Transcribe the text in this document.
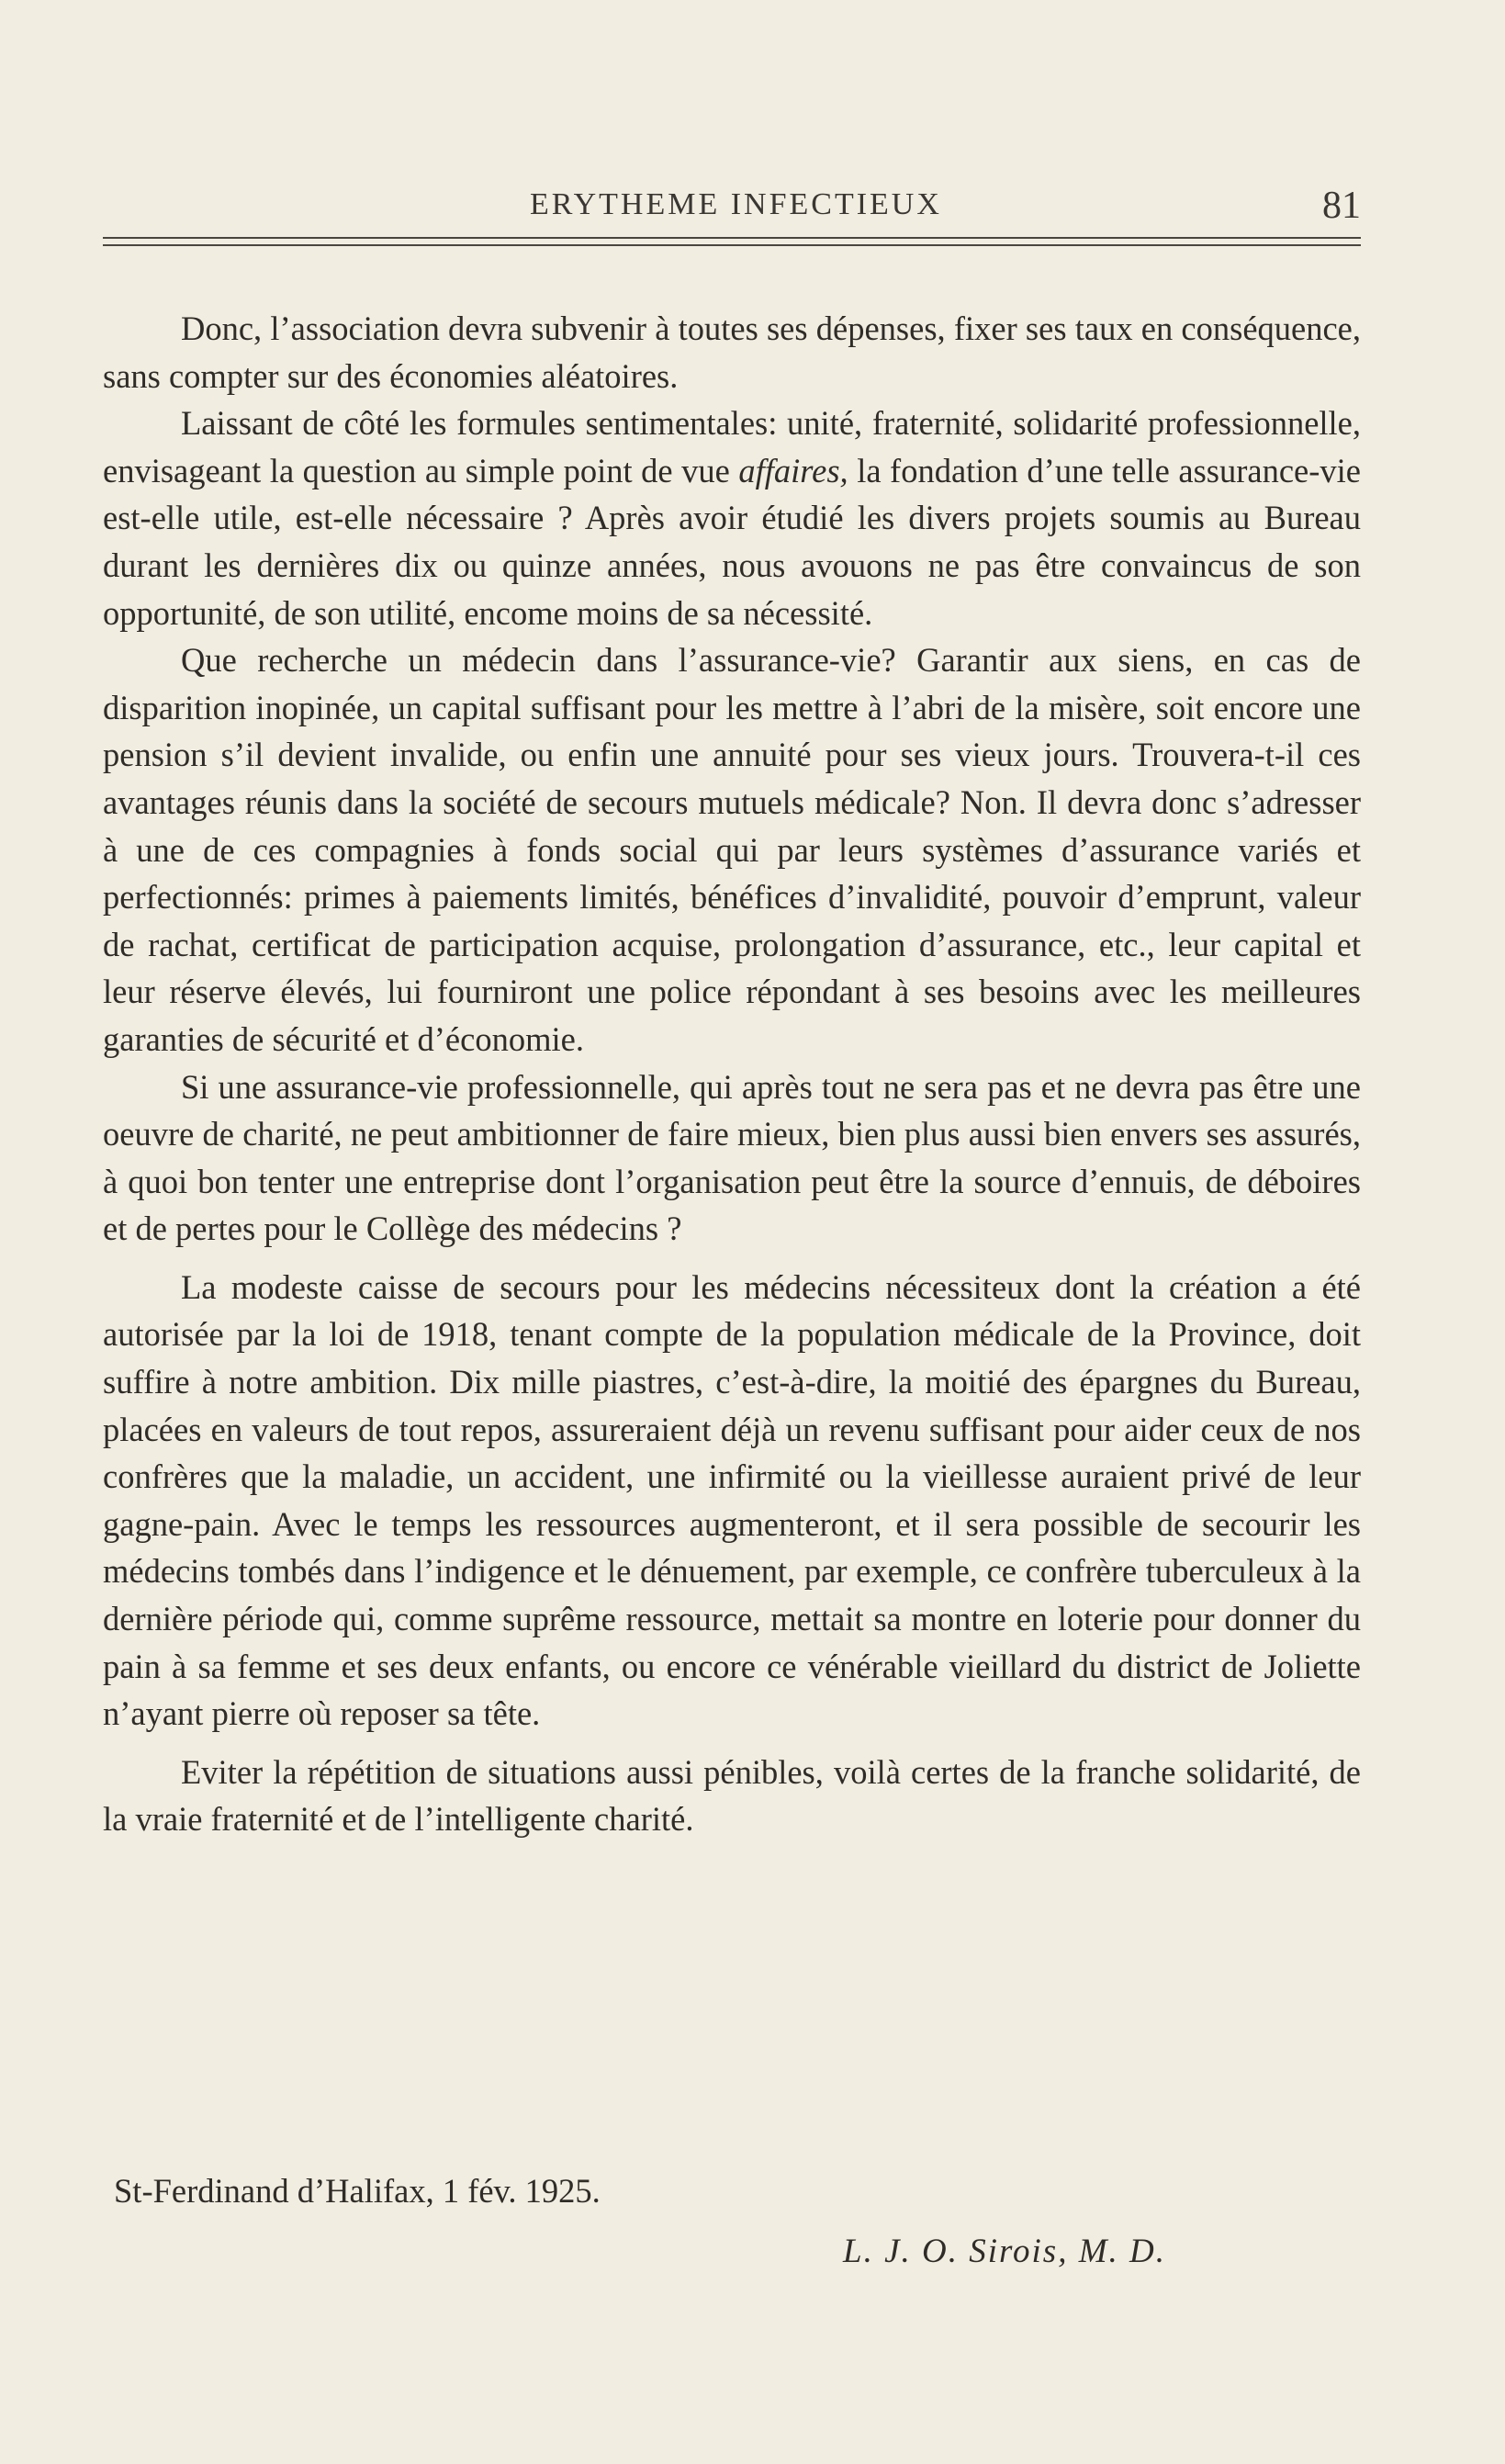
ERYTHEME INFECTIEUX	81

Donc, l’association devra subvenir à toutes ses dépenses, fixer ses taux en conséquence, sans compter sur des économies aléatoires.

Laissant de côté les formules sentimentales: unité, fraternité, solidarité professionnelle, envisageant la question au simple point de vue affaires, la fondation d’une telle assurance-vie est-elle utile, est-elle nécessaire ? Après avoir étudié les divers projets soumis au Bureau durant les dernières dix ou quinze années, nous avouons ne pas être convaincus de son opportunité, de son utilité, encome moins de sa nécessité.

Que recherche un médecin dans l’assurance-vie? Garantir aux siens, en cas de disparition inopinée, un capital suffisant pour les mettre à l’abri de la misère, soit encore une pension s’il devient invalide, ou enfin une annuité pour ses vieux jours. Trouvera-t-il ces avantages réunis dans la société de secours mutuels médicale? Non. Il devra donc s’adresser à une de ces compagnies à fonds social qui par leurs systèmes d’assurance variés et perfectionnés: primes à paiements limités, bénéfices d’invalidité, pouvoir d’emprunt, valeur de rachat, certificat de participation acquise, prolongation d’assurance, etc., leur capital et leur réserve élevés, lui fourniront une police répondant à ses besoins avec les meilleures garanties de sécurité et d’économie.

Si une assurance-vie professionnelle, qui après tout ne sera pas et ne devra pas être une oeuvre de charité, ne peut ambitionner de faire mieux, bien plus aussi bien envers ses assurés, à quoi bon tenter une entreprise dont l’organisation peut être la source d’ennuis, de déboires et de pertes pour le Collège des médecins ?

La modeste caisse de secours pour les médecins nécessiteux dont la création a été autorisée par la loi de 1918, tenant compte de la population médicale de la Province, doit suffire à notre ambition. Dix mille piastres, c’est-à-dire, la moitié des épargnes du Bureau, placées en valeurs de tout repos, assureraient déjà un revenu suffisant pour aider ceux de nos confrères que la maladie, un accident, une infirmité ou la vieillesse auraient privé de leur gagne-pain. Avec le temps les ressources augmenteront, et il sera possible de secourir les médecins tombés dans l’indigence et le dénuement, par exemple, ce confrère tuberculeux à la dernière période qui, comme suprême ressource, mettait sa montre en loterie pour donner du pain à sa femme et ses deux enfants, ou encore ce vénérable vieillard du district de Joliette n’ayant pierre où reposer sa tête.

Eviter la répétition de situations aussi pénibles, voilà certes de la franche solidarité, de la vraie fraternité et de l’intelligente charité.

St-Ferdinand d’Halifax, 1 fév. 1925.
L. J. O. Sirois, M. D.
